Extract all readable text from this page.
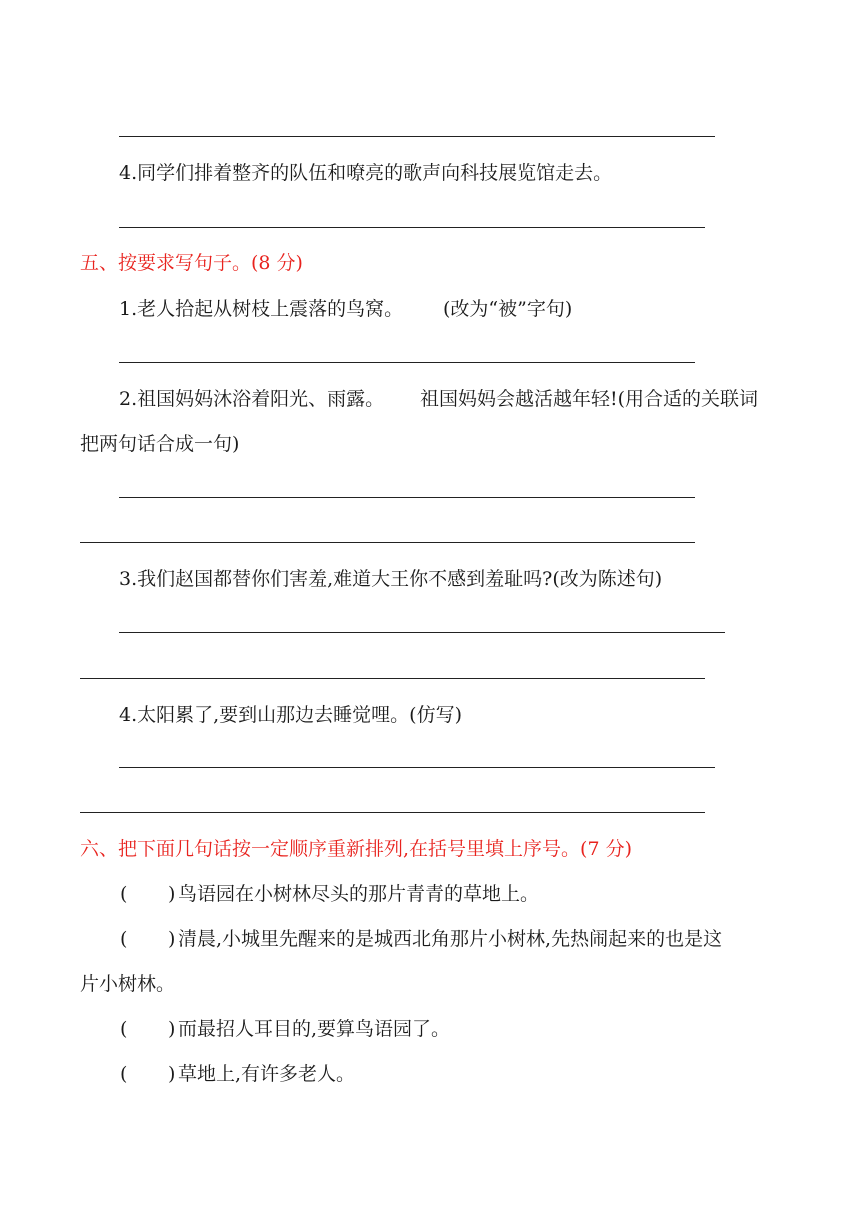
4.同学们排着整齐的队伍和嘹亮的歌声向科技展览馆走去。
五、按要求写句子。(8 分)
1.老人拾起从树枝上震落的鸟窝。 (改为“被”字句)
2.祖国妈妈沐浴着阳光、雨露。 祖国妈妈会越活越年轻!(用合适的关联词
把两句话合成一句)
3.我们赵国都替你们害羞,难道大王你不感到羞耻吗?(改为陈述句)
4.太阳累了,要到山那边去睡觉哩。(仿写)
六、把下面几句话按一定顺序重新排列,在括号里填上序号。(7 分)
( ) 鸟语园在小树林尽头的那片青青的草地上。
( ) 清晨,小城里先醒来的是城西北角那片小树林,先热闹起来的也是这
片小树林。
( ) 而最招人耳目的,要算鸟语园了。
( ) 草地上,有许多老人。
